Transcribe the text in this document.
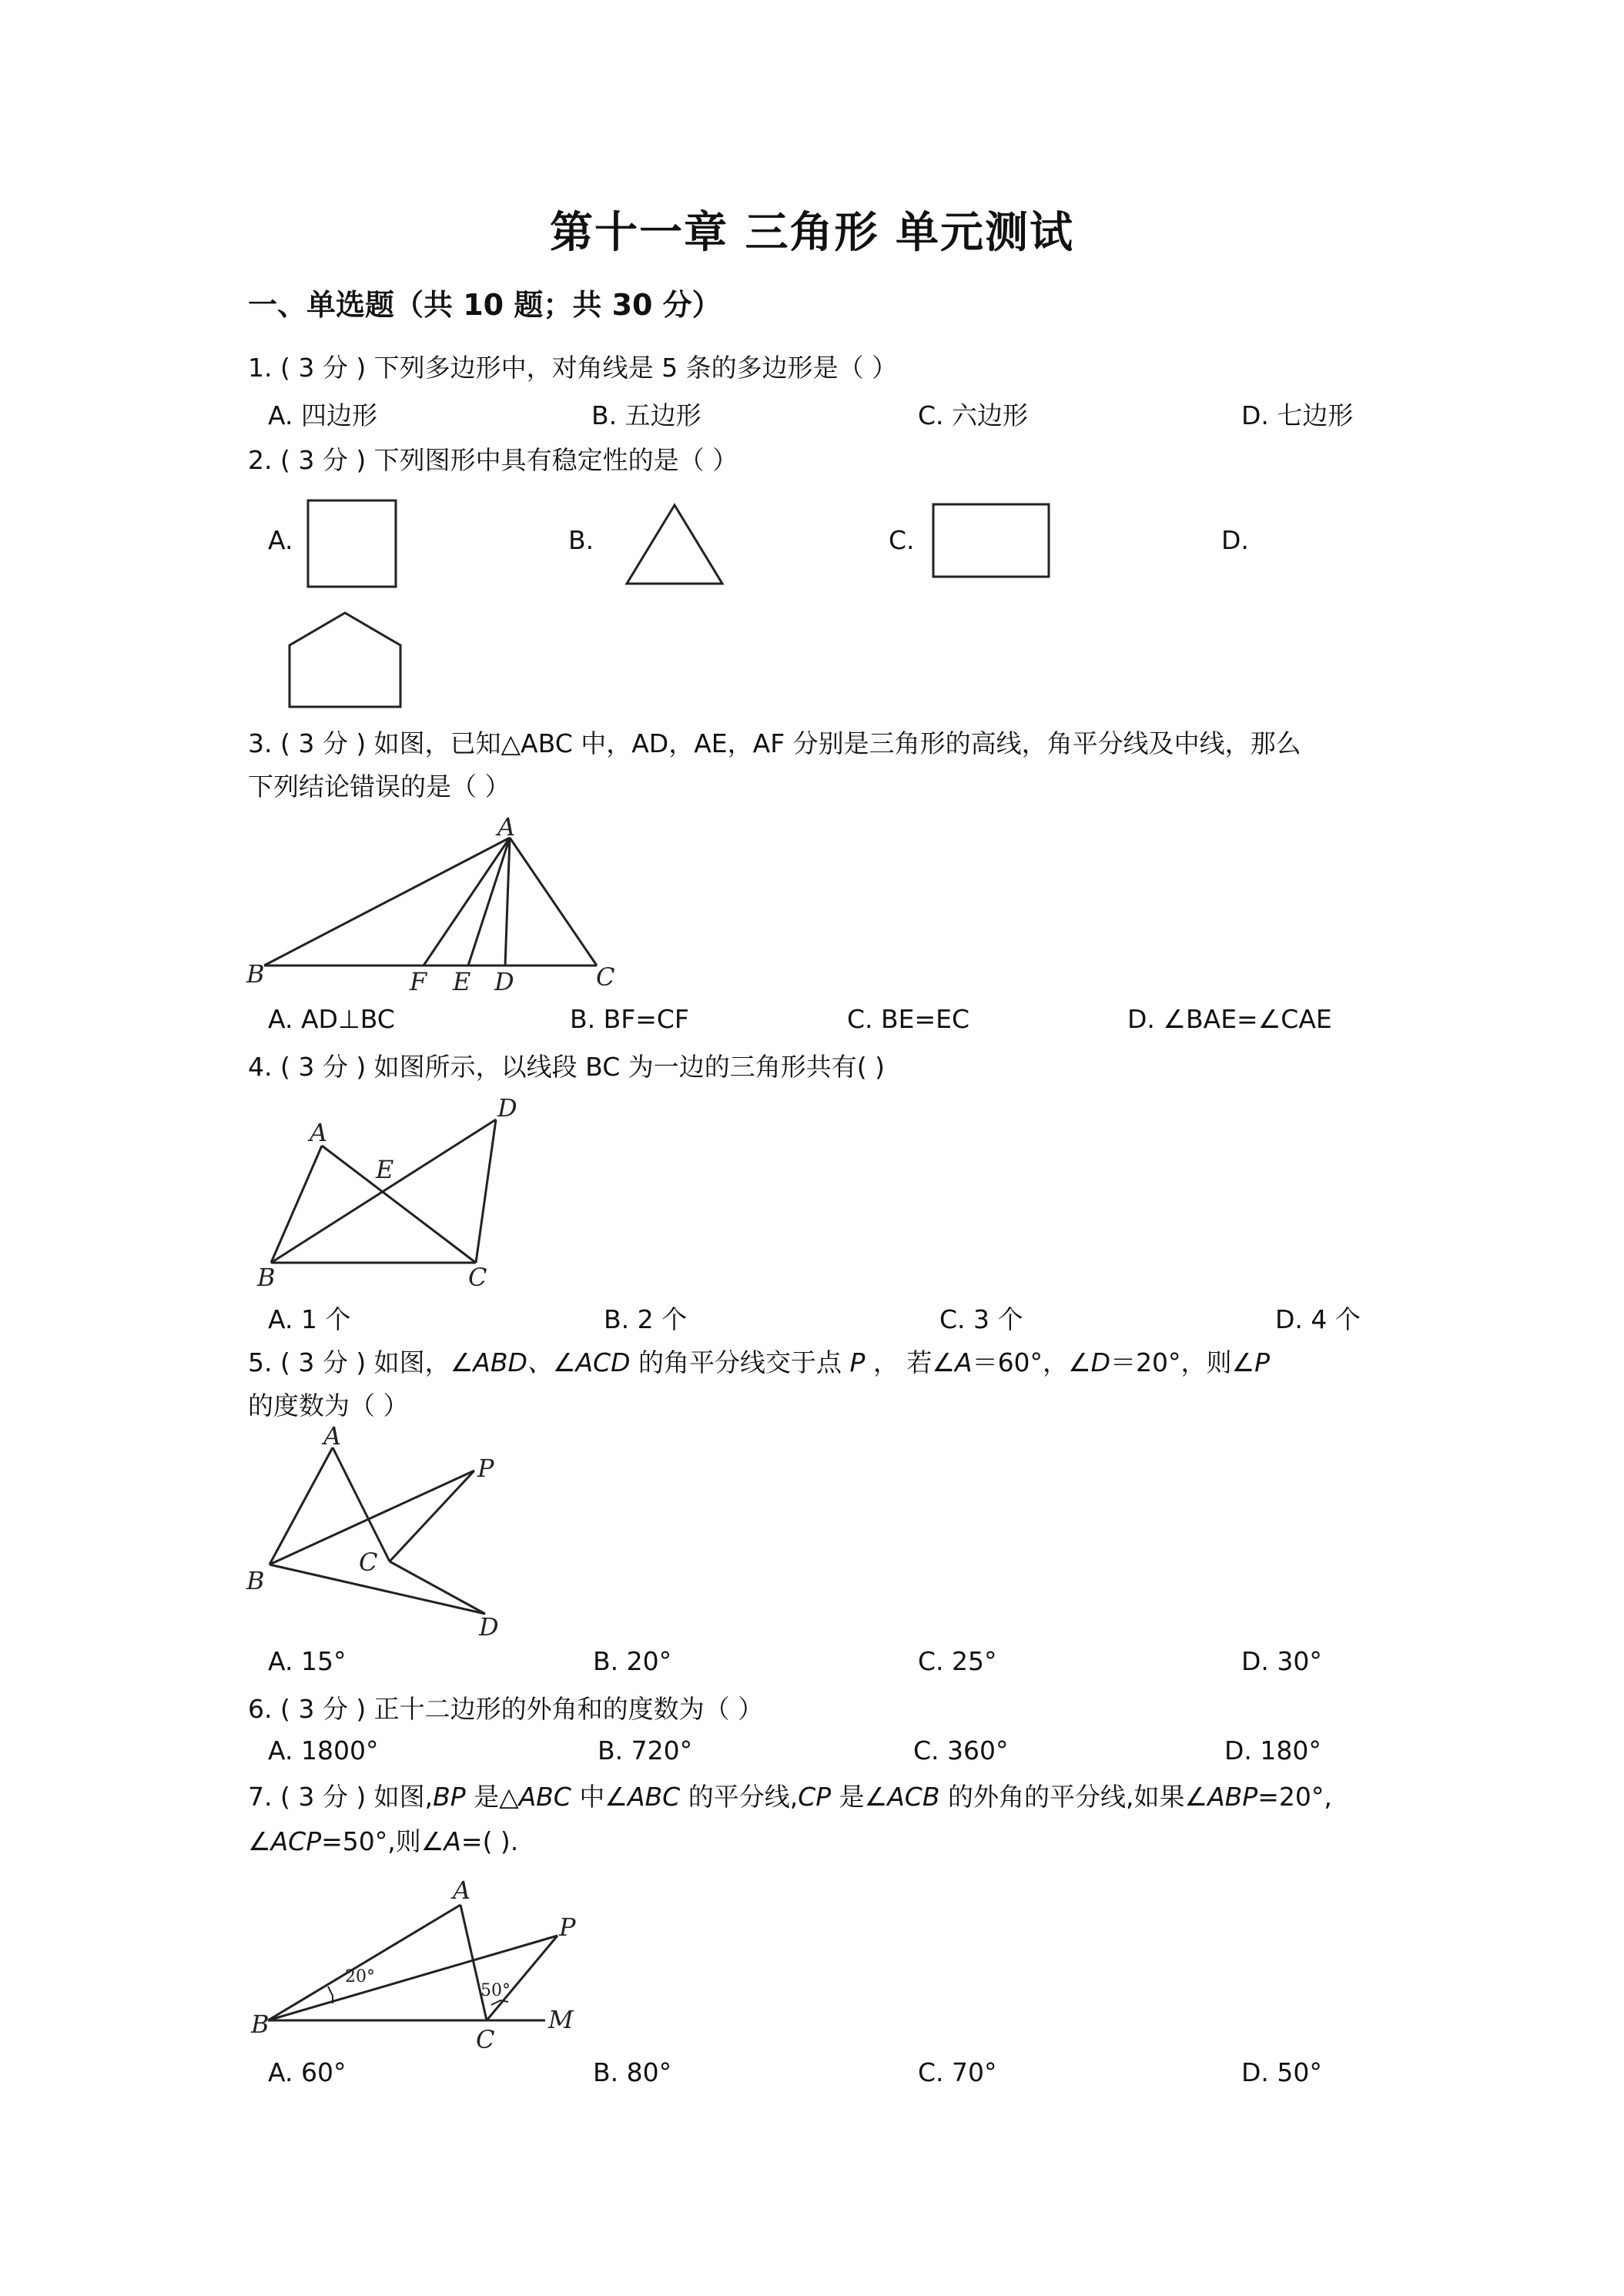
第十一章 三角形 单元测试
一、单选题（共 10 题；共 30 分）
1. ( 3 分 ) 下列多边形中，对角线是 5 条的多边形是（ ）
A. 四边形	B. 五边形	C. 六边形	D. 七边形
2. ( 3 分 ) 下列图形中具有稳定性的是（ ）
A.	B.	C.	D.
3. ( 3 分 ) 如图，已知△ABC 中，AD，AE，AF 分别是三角形的高线，角平分线及中线，那么
下列结论错误的是（ ）
A
B	F E D	C
A. AD⊥BC	B. BF=CF	C. BE=EC	D. ∠BAE=∠CAE
4. ( 3 分 ) 如图所示，以线段 BC 为一边的三角形共有( )
A
E
D
B	C
A. 1 个	B. 2 个	C. 3 个	D. 4 个
5. ( 3 分 ) 如图，∠ABD、∠ACD 的角平分线交于点 P ， 若∠A＝60°，∠D＝20°，则∠P
的度数为（ ）
A
P
C
B
D
A. 15°	B. 20°	C. 25°	D. 30°
6. ( 3 分 ) 正十二边形的外角和的度数为（ ）
A. 1800°	B. 720°	C. 360°	D. 180°
7. ( 3 分 ) 如图,BP 是△ABC 中∠ABC 的平分线,CP 是∠ACB 的外角的平分线,如果∠ABP=20°,
∠ACP=50°,则∠A=( ).
A
P
B
C
M
20°
50°
A. 60°	B. 80°	C. 70°	D. 50°
